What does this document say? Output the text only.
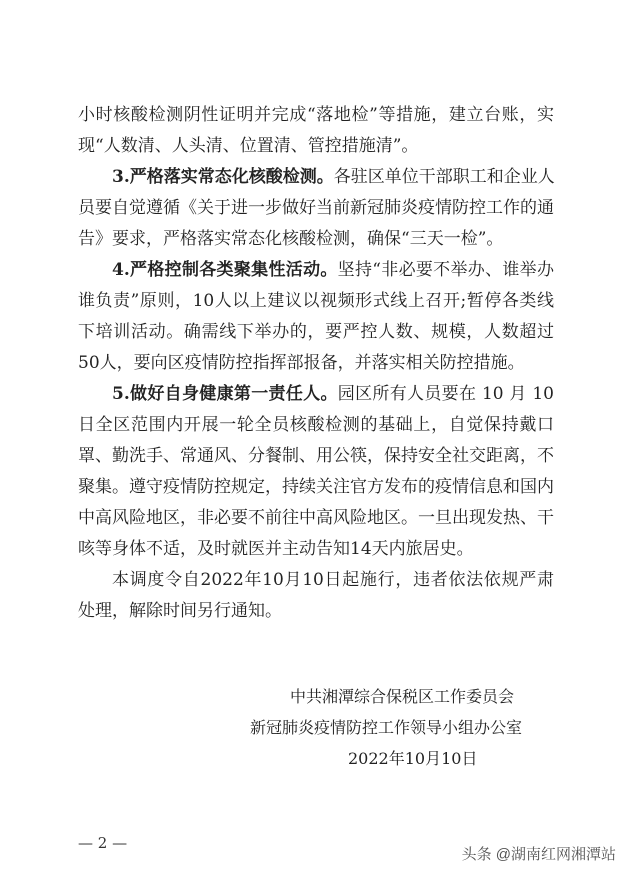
小时核酸检测阴性证明并完成“落地检”等措施，建立台账，实
现“人数清、人头清、位置清、管控措施清”。
3.严格落实常态化核酸检测。各驻区单位干部职工和企业人
员要自觉遵循《关于进一步做好当前新冠肺炎疫情防控工作的通
告》要求，严格落实常态化核酸检测，确保“三天一检”。
4.严格控制各类聚集性活动。坚持“非必要不举办、谁举办
谁负责”原则，10人以上建议以视频形式线上召开;暂停各类线
下培训活动。确需线下举办的，要严控人数、规模，人数超过
50人，要向区疫情防控指挥部报备，并落实相关防控措施。
5.做好自身健康第一责任人。园区所有人员要在 10 月 10
日全区范围内开展一轮全员核酸检测的基础上，自觉保持戴口
罩、勤洗手、常通风、分餐制、用公筷，保持安全社交距离，不
聚集。遵守疫情防控规定，持续关注官方发布的疫情信息和国内
中高风险地区，非必要不前往中高风险地区。一旦出现发热、干
咳等身体不适，及时就医并主动告知14天内旅居史。
本调度令自2022年10月10日起施行，违者依法依规严肃
处理，解除时间另行通知。
中共湘潭综合保税区工作委员会
新冠肺炎疫情防控工作领导小组办公室
2022年10月10日
— 2 —
头条 @湖南红网湘潭站
